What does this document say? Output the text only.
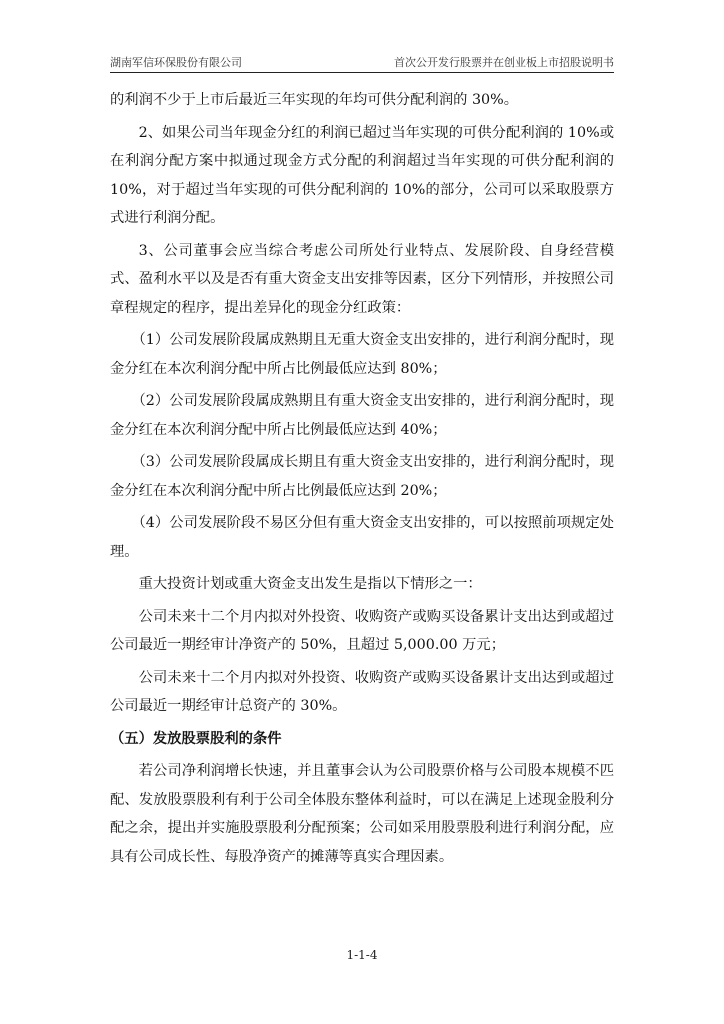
湖南军信环保股份有限公司	首次公开发行股票并在创业板上市招股说明书

的利润不少于上市后最近三年实现的年均可供分配利润的 30%。

2、如果公司当年现金分红的利润已超过当年实现的可供分配利润的 10%或在利润分配方案中拟通过现金方式分配的利润超过当年实现的可供分配利润的 10%，对于超过当年实现的可供分配利润的 10%的部分，公司可以采取股票方式进行利润分配。

3、公司董事会应当综合考虑公司所处行业特点、发展阶段、自身经营模式、盈利水平以及是否有重大资金支出安排等因素，区分下列情形，并按照公司章程规定的程序，提出差异化的现金分红政策：

（1）公司发展阶段属成熟期且无重大资金支出安排的，进行利润分配时，现金分红在本次利润分配中所占比例最低应达到 80%；

（2）公司发展阶段属成熟期且有重大资金支出安排的，进行利润分配时，现金分红在本次利润分配中所占比例最低应达到 40%；

（3）公司发展阶段属成长期且有重大资金支出安排的，进行利润分配时，现金分红在本次利润分配中所占比例最低应达到 20%；

（4）公司发展阶段不易区分但有重大资金支出安排的，可以按照前项规定处理。

重大投资计划或重大资金支出发生是指以下情形之一：

公司未来十二个月内拟对外投资、收购资产或购买设备累计支出达到或超过公司最近一期经审计净资产的 50%，且超过 5,000.00 万元；

公司未来十二个月内拟对外投资、收购资产或购买设备累计支出达到或超过公司最近一期经审计总资产的 30%。

（五）发放股票股利的条件

若公司净利润增长快速，并且董事会认为公司股票价格与公司股本规模不匹配、发放股票股利有利于公司全体股东整体利益时，可以在满足上述现金股利分配之余，提出并实施股票股利分配预案；公司如采用股票股利进行利润分配，应具有公司成长性、每股净资产的摊薄等真实合理因素。

1-1-4
